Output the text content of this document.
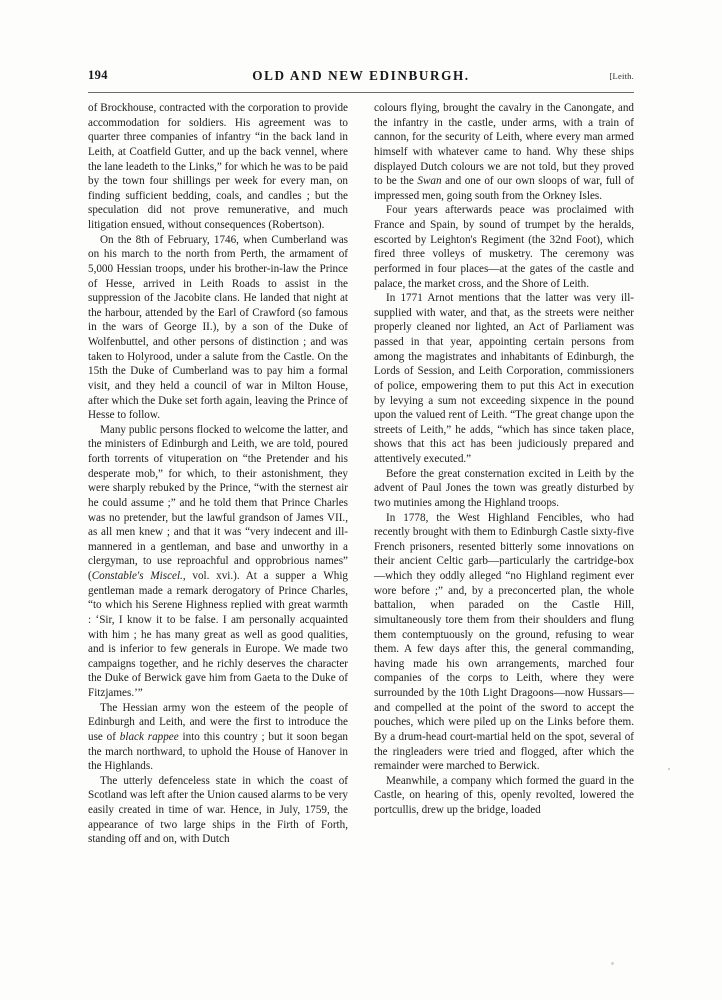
194	OLD AND NEW EDINBURGH.	[Leith.

of Brockhouse, contracted with the corporation to provide accommodation for soldiers. His agreement was to quarter three companies of infantry “in the back land in Leith, at Coatfield Gutter, and up the back vennel, where the lane leadeth to the Links,” for which he was to be paid by the town four shillings per week for every man, on finding sufficient bedding, coals, and candles ; but the speculation did not prove remunerative, and much litigation ensued, without consequences (Robertson).

On the 8th of February, 1746, when Cumberland was on his march to the north from Perth, the armament of 5,000 Hessian troops, under his brother-in-law the Prince of Hesse, arrived in Leith Roads to assist in the suppression of the Jacobite clans. He landed that night at the harbour, attended by the Earl of Crawford (so famous in the wars of George II.), by a son of the Duke of Wolfenbuttel, and other persons of distinction ; and was taken to Holyrood, under a salute from the Castle. On the 15th the Duke of Cumberland was to pay him a formal visit, and they held a council of war in Milton House, after which the Duke set forth again, leaving the Prince of Hesse to follow.

Many public persons flocked to welcome the latter, and the ministers of Edinburgh and Leith, we are told, poured forth torrents of vituperation on “the Pretender and his desperate mob,” for which, to their astonishment, they were sharply rebuked by the Prince, “with the sternest air he could assume ;” and he told them that Prince Charles was no pretender, but the lawful grandson of James VII., as all men knew ; and that it was “very indecent and ill-mannered in a gentleman, and base and unworthy in a clergyman, to use reproachful and opprobrious names” (Constable's Miscel., vol. xvi.). At a supper a Whig gentleman made a remark derogatory of Prince Charles, “to which his Serene Highness replied with great warmth : ‘Sir, I know it to be false. I am personally acquainted with him ; he has many great as well as good qualities, and is inferior to few generals in Europe. We made two campaigns together, and he richly deserves the character the Duke of Berwick gave him from Gaeta to the Duke of Fitzjames.’”

The Hessian army won the esteem of the people of Edinburgh and Leith, and were the first to introduce the use of black rappee into this country ; but it soon began the march northward, to uphold the House of Hanover in the Highlands.

The utterly defenceless state in which the coast of Scotland was left after the Union caused alarms to be very easily created in time of war. Hence, in July, 1759, the appearance of two large ships in the Firth of Forth, standing off and on, with Dutch

colours flying, brought the cavalry in the Canongate, and the infantry in the castle, under arms, with a train of cannon, for the security of Leith, where every man armed himself with whatever came to hand. Why these ships displayed Dutch colours we are not told, but they proved to be the Swan and one of our own sloops of war, full of impressed men, going south from the Orkney Isles.

Four years afterwards peace was proclaimed with France and Spain, by sound of trumpet by the heralds, escorted by Leighton's Regiment (the 32nd Foot), which fired three volleys of musketry. The ceremony was performed in four places—at the gates of the castle and palace, the market cross, and the Shore of Leith.

In 1771 Arnot mentions that the latter was very ill-supplied with water, and that, as the streets were neither properly cleaned nor lighted, an Act of Parliament was passed in that year, appointing certain persons from among the magistrates and inhabitants of Edinburgh, the Lords of Session, and Leith Corporation, commissioners of police, empowering them to put this Act in execution by levying a sum not exceeding sixpence in the pound upon the valued rent of Leith. “The great change upon the streets of Leith,” he adds, “which has since taken place, shows that this act has been judiciously prepared and attentively executed.”

Before the great consternation excited in Leith by the advent of Paul Jones the town was greatly disturbed by two mutinies among the Highland troops.

In 1778, the West Highland Fencibles, who had recently brought with them to Edinburgh Castle sixty-five French prisoners, resented bitterly some innovations on their ancient Celtic garb—particularly the cartridge-box—which they oddly alleged “no Highland regiment ever wore before ;” and, by a preconcerted plan, the whole battalion, when paraded on the Castle Hill, simultaneously tore them from their shoulders and flung them contemptuously on the ground, refusing to wear them. A few days after this, the general commanding, having made his own arrangements, marched four companies of the corps to Leith, where they were surrounded by the 10th Light Dragoons—now Hussars—and compelled at the point of the sword to accept the pouches, which were piled up on the Links before them. By a drum-head court-martial held on the spot, several of the ringleaders were tried and flogged, after which the remainder were marched to Berwick.

Meanwhile, a company which formed the guard in the Castle, on hearing of this, openly revolted, lowered the portcullis, drew up the bridge, loaded
